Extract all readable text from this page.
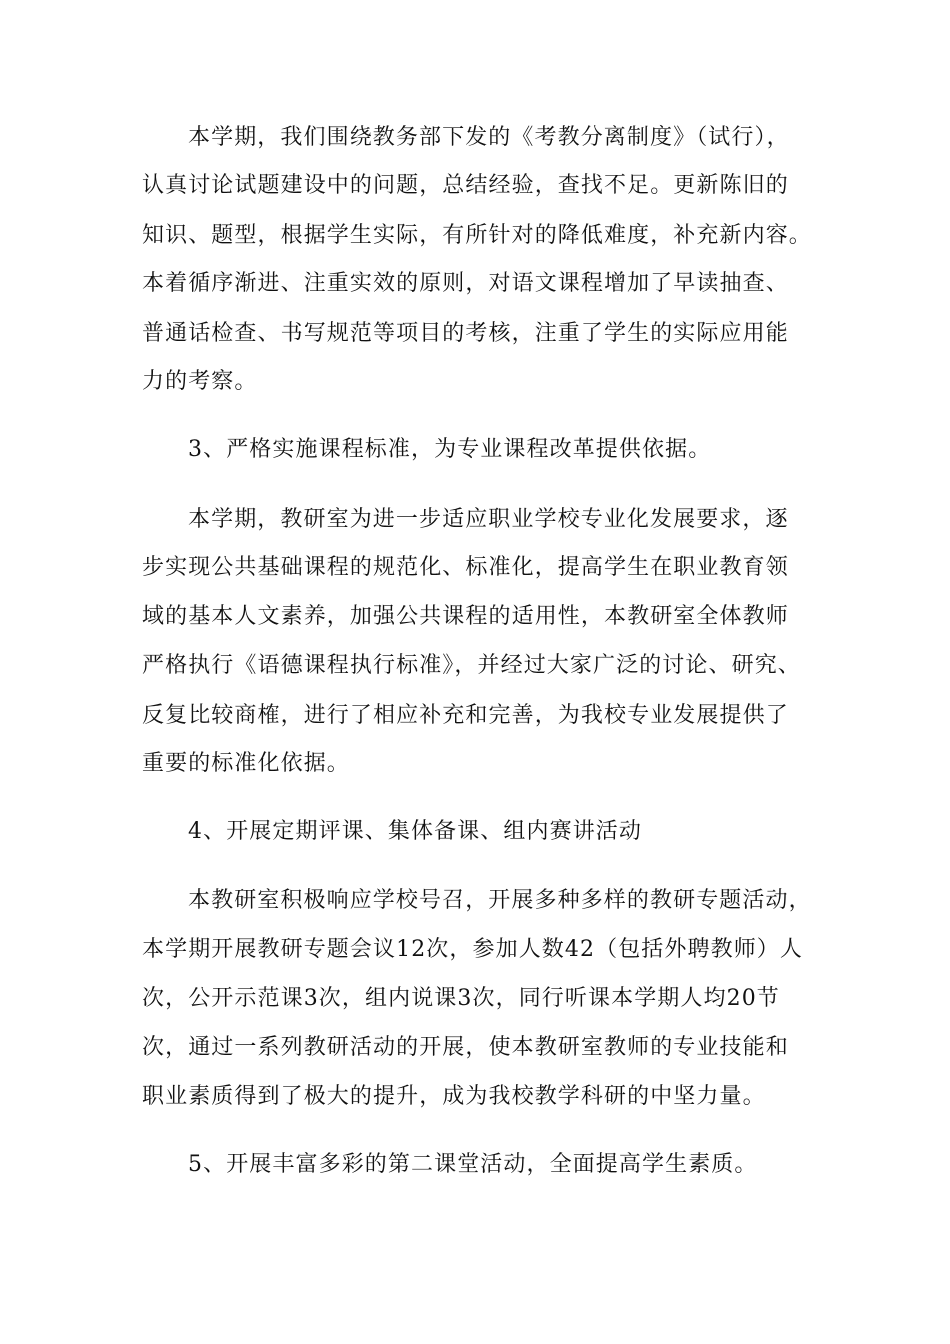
本学期，我们围绕教务部下发的《考教分离制度》（试行），

认真讨论试题建设中的问题，总结经验，查找不足。更新陈旧的

知识、题型，根据学生实际，有所针对的降低难度，补充新内容。

本着循序渐进、注重实效的原则，对语文课程增加了早读抽查、

普通话检查、书写规范等项目的考核，注重了学生的实际应用能

力的考察。

3、严格实施课程标准，为专业课程改革提供依据。

本学期，教研室为进一步适应职业学校专业化发展要求，逐

步实现公共基础课程的规范化、标准化，提高学生在职业教育领

域的基本人文素养，加强公共课程的适用性，本教研室全体教师

严格执行《语德课程执行标准》，并经过大家广泛的讨论、研究、

反复比较商榷，进行了相应补充和完善，为我校专业发展提供了

重要的标准化依据。

4、开展定期评课、集体备课、组内赛讲活动

本教研室积极响应学校号召，开展多种多样的教研专题活动，

本学期开展教研专题会议12次，参加人数42（包括外聘教师）人

次，公开示范课3次，组内说课3次，同行听课本学期人均20节

次，通过一系列教研活动的开展，使本教研室教师的专业技能和

职业素质得到了极大的提升，成为我校教学科研的中坚力量。

5、开展丰富多彩的第二课堂活动，全面提高学生素质。
